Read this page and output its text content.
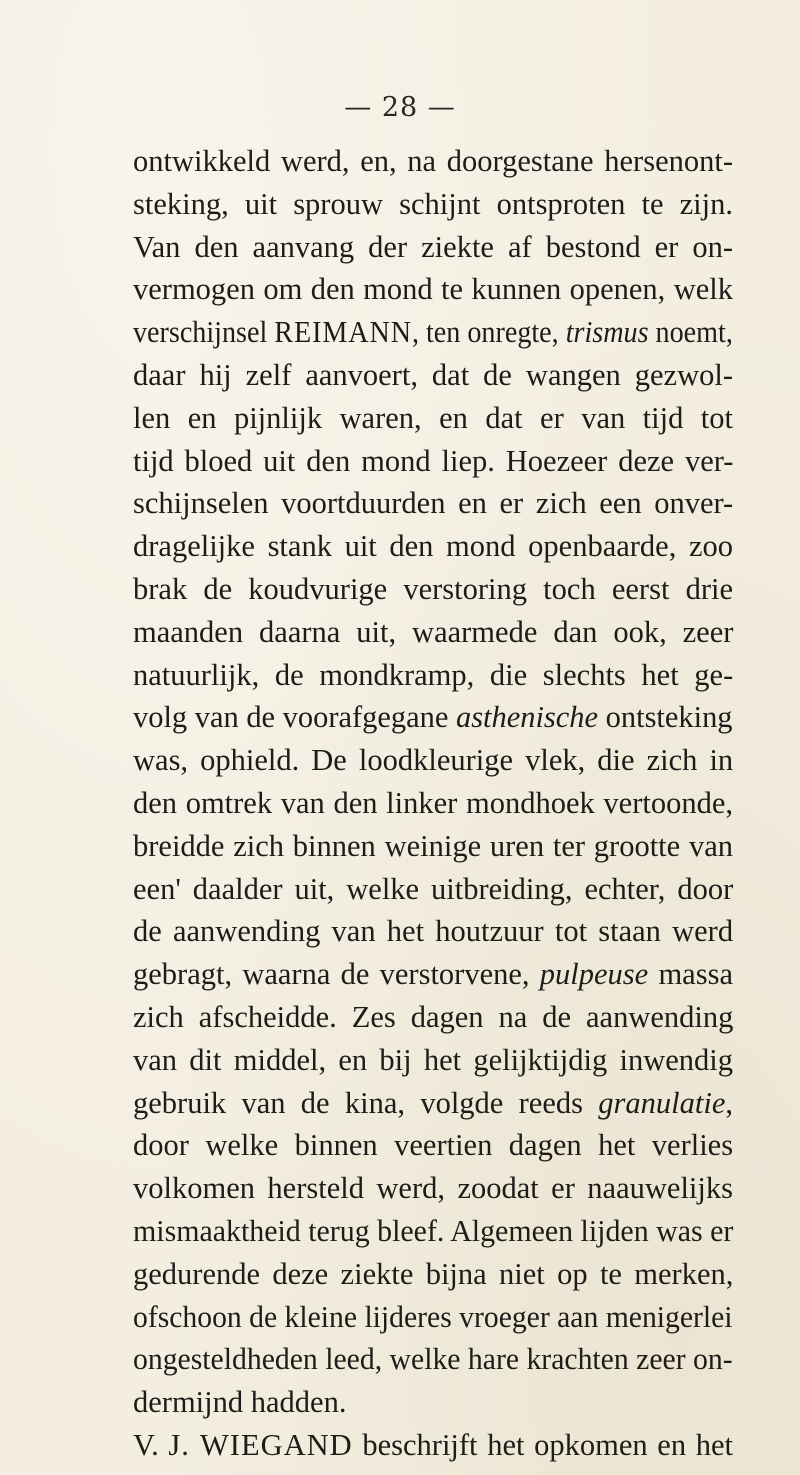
— 28 —
ontwikkeld werd, en, na doorgestane hersenont-
steking, uit sprouw schijnt ontsproten te zijn.
Van den aanvang der ziekte af bestond er on-
vermogen om den mond te kunnen openen, welk
verschijnsel REIMANN, ten onregte, trismus noemt,
daar hij zelf aanvoert, dat de wangen gezwol-
len en pijnlijk waren, en dat er van tijd tot
tijd bloed uit den mond liep. Hoezeer deze ver-
schijnselen voortduurden en er zich een onver-
dragelijke stank uit den mond openbaarde, zoo
brak de koudvurige verstoring toch eerst drie
maanden daarna uit, waarmede dan ook, zeer
natuurlijk, de mondkramp, die slechts het ge-
volg van de voorafgegane asthenische ontsteking
was, ophield. De loodkleurige vlek, die zich in
den omtrek van den linker mondhoek vertoonde,
breidde zich binnen weinige uren ter grootte van
een' daalder uit, welke uitbreiding, echter, door
de aanwending van het houtzuur tot staan werd
gebragt, waarna de verstorvene, pulpeuse massa
zich afscheidde. Zes dagen na de aanwending
van dit middel, en bij het gelijktijdig inwendig
gebruik van de kina, volgde reeds granulatie,
door welke binnen veertien dagen het verlies
volkomen hersteld werd, zoodat er naauwelijks
mismaaktheid terug bleef. Algemeen lijden was er
gedurende deze ziekte bijna niet op te merken,
ofschoon de kleine lijderes vroeger aan menigerlei
ongesteldheden leed, welke hare krachten zeer on-
dermijnd hadden.
V. J. WIEGAND beschrijft het opkomen en het
